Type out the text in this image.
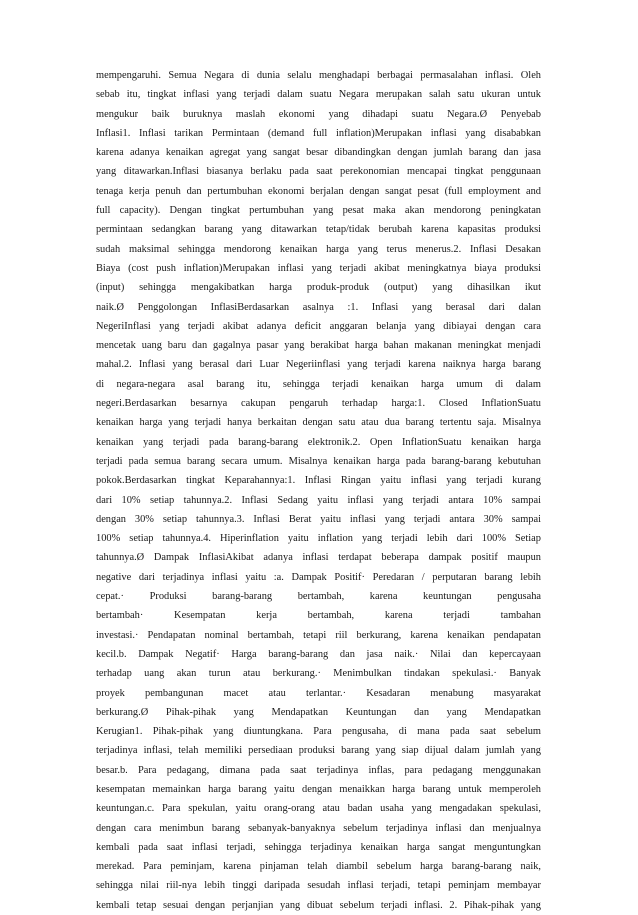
mempengaruhi. Semua Negara di dunia selalu menghadapi berbagai permasalahan inflasi. Oleh
sebab itu, tingkat inflasi yang terjadi dalam suatu Negara merupakan salah satu ukuran untuk
mengukur baik buruknya maslah ekonomi yang dihadapi suatu Negara.Ø Penyebab
Inflasi1. Inflasi tarikan Permintaan (demand full inflation)Merupakan inflasi yang disababkan
karena adanya kenaikan agregat yang sangat besar dibandingkan dengan jumlah barang dan jasa
yang ditawarkan.Inflasi biasanya berlaku pada saat perekonomian mencapai tingkat penggunaan
tenaga kerja penuh dan pertumbuhan ekonomi berjalan dengan sangat pesat (full employment and
full capacity). Dengan tingkat pertumbuhan yang pesat maka akan mendorong peningkatan
permintaan sedangkan barang yang ditawarkan tetap/tidak berubah karena kapasitas produksi
sudah maksimal sehingga mendorong kenaikan harga yang terus menerus.2. Inflasi Desakan
Biaya (cost push inflation)Merupakan inflasi yang terjadi akibat meningkatnya biaya produksi
(input) sehingga mengakibatkan harga produk-produk (output) yang dihasilkan ikut
naik.Ø Penggolongan InflasiBerdasarkan asalnya :1. Inflasi yang berasal dari dalan
NegeriInflasi yang terjadi akibat adanya deficit anggaran belanja yang dibiayai dengan cara
mencetak uang baru dan gagalnya pasar yang berakibat harga bahan makanan meningkat menjadi
mahal.2. Inflasi yang berasal dari Luar Negeriinflasi yang terjadi karena naiknya harga barang
di negara-negara asal barang itu, sehingga terjadi kenaikan harga umum di dalam
negeri.Berdasarkan besarnya cakupan pengaruh terhadap harga:1. Closed InflationSuatu
kenaikan harga yang terjadi hanya berkaitan dengan satu atau dua barang tertentu saja. Misalnya
kenaikan yang terjadi pada barang-barang elektronik.2. Open InflationSuatu kenaikan harga
terjadi pada semua barang secara umum. Misalnya kenaikan harga pada barang-barang kebutuhan
pokok.Berdasarkan tingkat Keparahannya:1. Inflasi Ringan yaitu inflasi yang terjadi kurang
dari 10% setiap tahunnya.2. Inflasi Sedang yaitu inflasi yang terjadi antara 10% sampai
dengan 30% setiap tahunnya.3. Inflasi Berat yaitu inflasi yang terjadi antara 30% sampai
100% setiap tahunnya.4. Hiperinflation yaitu inflation yang terjadi lebih dari 100% Setiap
tahunnya.Ø Dampak InflasiAkibat adanya inflasi terdapat beberapa dampak positif maupun
negative dari terjadinya inflasi yaitu :a. Dampak Positif· Peredaran / perputaran barang lebih
cepat.· Produksi barang-barang bertambah, karena keuntungan pengusaha
bertambah· Kesempatan kerja bertambah, karena terjadi tambahan
investasi.· Pendapatan nominal bertambah, tetapi riil berkurang, karena kenaikan pendapatan
kecil.b. Dampak Negatif· Harga barang-barang dan jasa naik.· Nilai dan kepercayaan
terhadap uang akan turun atau berkurang.· Menimbulkan tindakan spekulasi.· Banyak
proyek pembangunan macet atau terlantar.· Kesadaran menabung masyarakat
berkurang.Ø Pihak-pihak yang Mendapatkan Keuntungan dan yang Mendapatkan
Kerugian1. Pihak-pihak yang diuntungkana. Para pengusaha, di mana pada saat sebelum
terjadinya inflasi, telah memiliki persediaan produksi barang yang siap dijual dalam jumlah yang
besar.b. Para pedagang, dimana pada saat terjadinya inflas, para pedagang menggunakan
kesempatan memainkan harga barang yaitu dengan menaikkan harga barang untuk memperoleh
keuntungan.c. Para spekulan, yaitu orang-orang atau badan usaha yang mengadakan spekulasi,
dengan cara menimbun barang sebanyak-banyaknya sebelum terjadinya inflasi dan menjualnya
kembali pada saat inflasi terjadi, sehingga terjadinya kenaikan harga sangat menguntungkan
merekad. Para peminjam, karena pinjaman telah diambil sebelum harga barang-barang naik,
sehingga nilai riil-nya lebih tinggi daripada sesudah inflasi terjadi, tetapi peminjam membayar
kembali tetap sesuai dengan perjanjian yang dibuat sebelum terjadi inflasi. 2. Pihak-pihak yang
